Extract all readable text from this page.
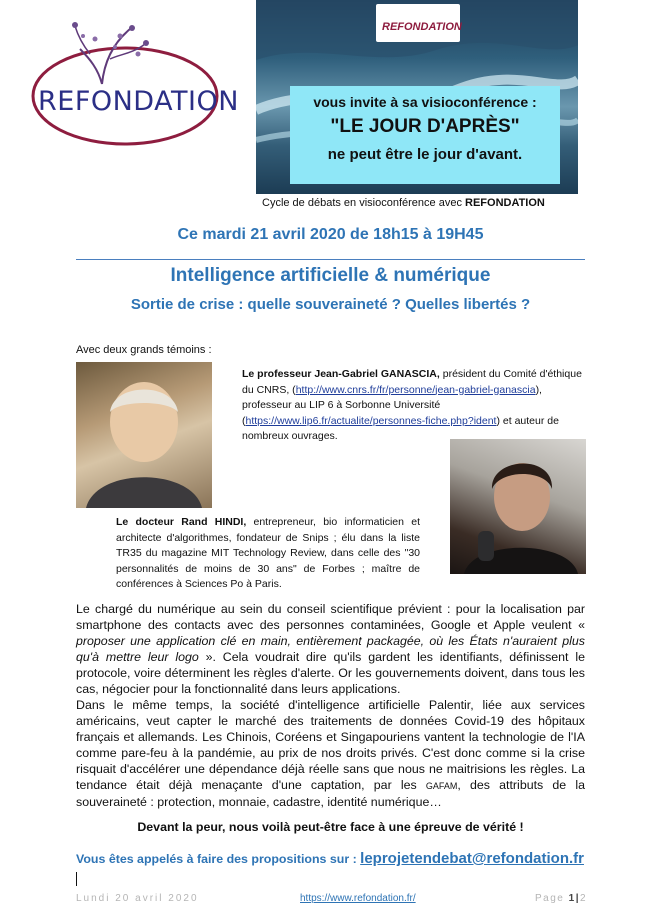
REFONDATION
REFONDATION
vous invite à sa visioconférence :
"LE JOUR D'APRÈS"
ne peut être le jour d'avant.
Cycle de débats en visioconférence avec REFONDATION
Ce mardi 21 avril 2020 de 18h15 à 19H45
Intelligence artificielle & numérique
Sortie de crise : quelle souveraineté ? Quelles libertés ?
Avec deux grands témoins :
Le professeur Jean-Gabriel GANASCIA, président du Comité d'éthique du CNRS, (http://www.cnrs.fr/fr/personne/jean-gabriel-ganascia), professeur au LIP 6 à Sorbonne Université (https://www.lip6.fr/actualite/personnes-fiche.php?ident) et auteur de nombreux ouvrages.
Le docteur Rand HINDI, entrepreneur, bio informaticien et architecte d'algorithmes, fondateur de Snips ; élu dans la liste TR35 du magazine MIT Technology Review, dans celle des "30 personnalités de moins de 30 ans" de Forbes ; maître de conférences à Sciences Po à Paris.

Le chargé du numérique au sein du conseil scientifique prévient : pour la localisation par smartphone des contacts avec des personnes contaminées, Google et Apple veulent « proposer une application clé en main, entièrement packagée, où les États n'auraient plus qu'à mettre leur logo ». Cela voudrait dire qu'ils gardent les identifiants, définissent le protocole, voire déterminent les règles d'alerte. Or les gouvernements doivent, dans tous les cas, négocier pour la fonctionnalité dans leurs applications.

Dans le même temps, la société d'intelligence artificielle Palentir, liée aux services américains, veut capter le marché des traitements de données Covid-19 des hôpitaux français et allemands. Les Chinois, Coréens et Singapouriens vantent la technologie de l'IA comme pare-feu à la pandémie, au prix de nos droits privés. C'est donc comme si la crise risquait d'accélérer une dépendance déjà réelle sans que nous ne maitrisions les règles. La tendance était déjà menaçante d'une captation, par les GAFAM, des attributs de la souveraineté : protection, monnaie, cadastre, identité numérique…

Devant la peur, nous voilà peut-être face à une épreuve de vérité !
Vous êtes appelés à faire des propositions sur : leprojetendebat@refondation.fr
Lundi 20 avril 2020	https://www.refondation.fr/	Page 1|2
